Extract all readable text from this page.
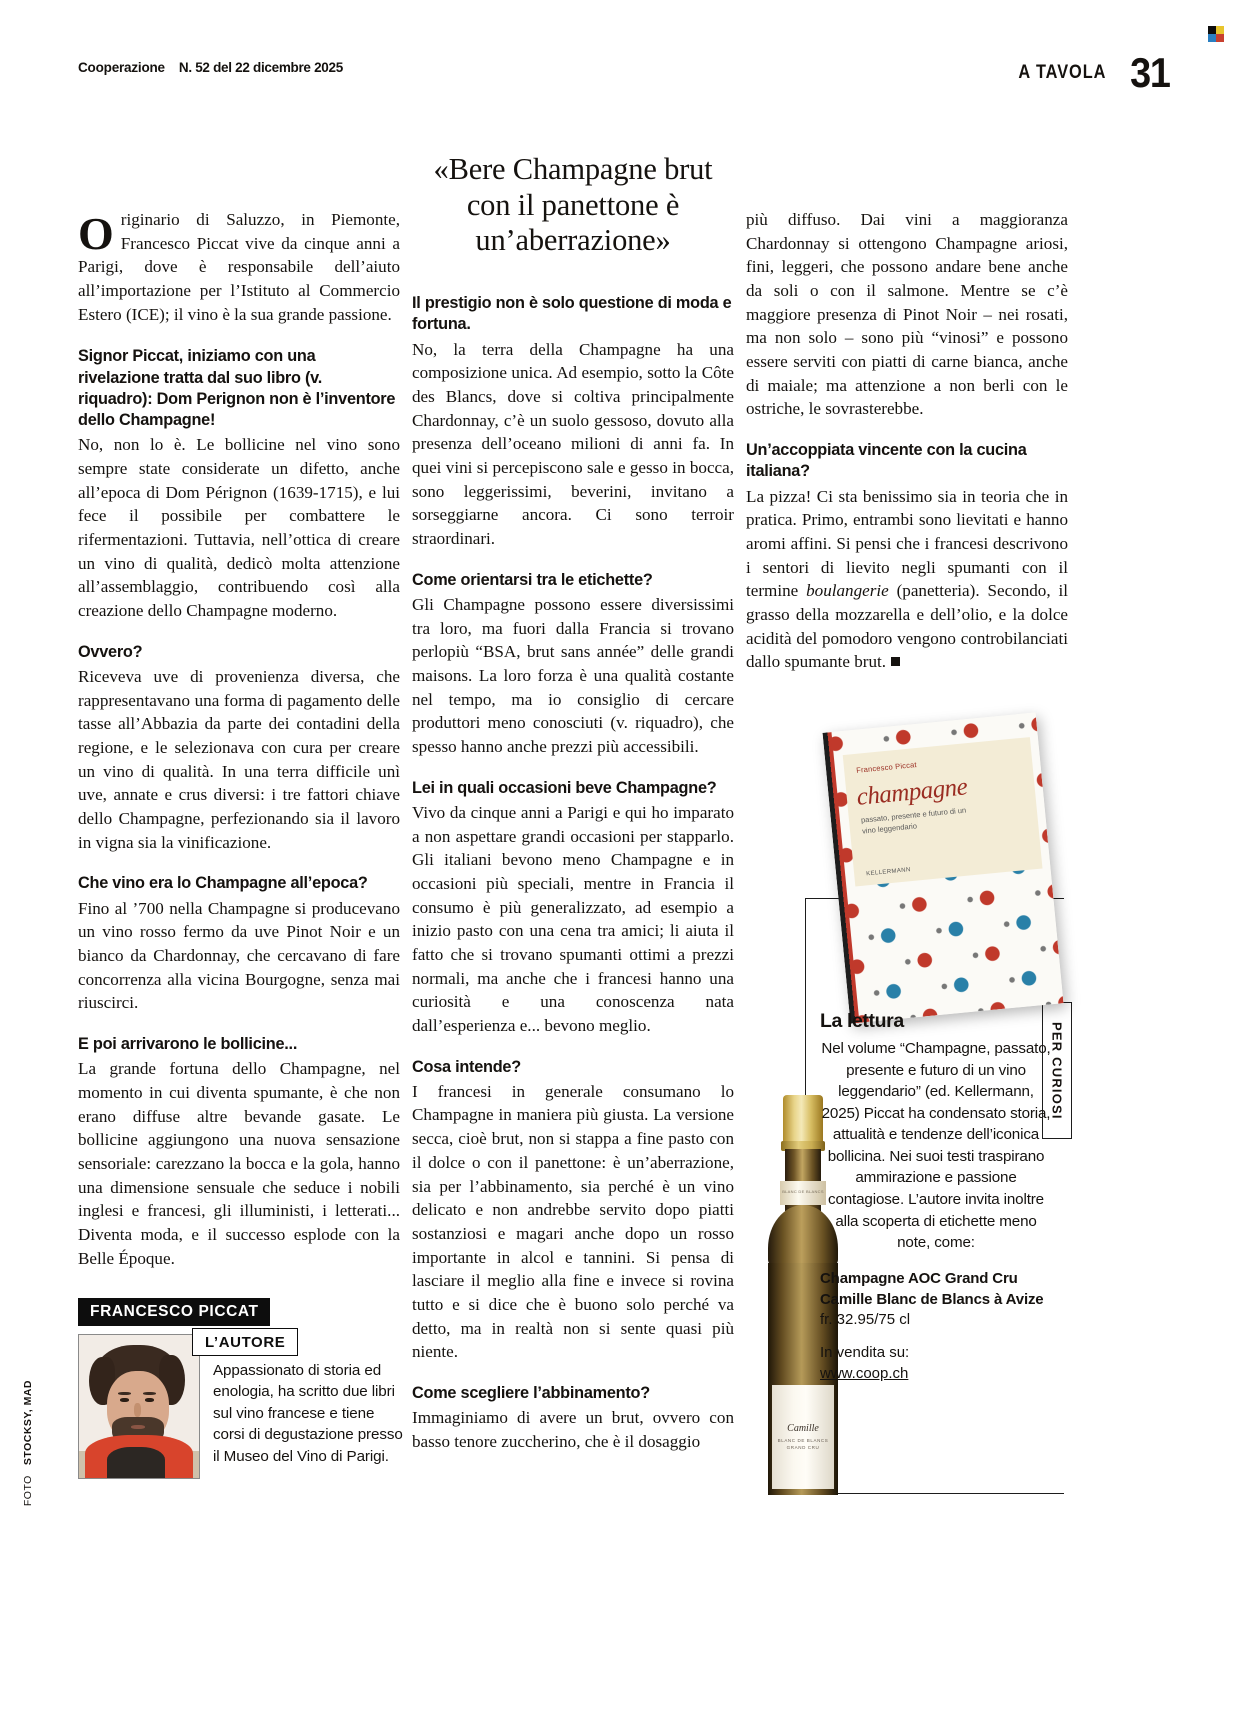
Cooperazione N. 52 del 22 dicembre 2025	A TAVOLA 31

Originario di Saluzzo, in Piemonte, Francesco Piccat vive da cinque anni a Parigi, dove è responsabile dell’aiuto all’importazione per l’Istituto al Commercio Estero (ICE); il vino è la sua grande passione.

Signor Piccat, iniziamo con una rivelazione tratta dal suo libro (v. riquadro): Dom Perignon non è l’inventore dello Champagne!

No, non lo è. Le bollicine nel vino sono sempre state considerate un difetto, anche all’epoca di Dom Pérignon (1639-1715), e lui fece il possibile per combattere le rifermentazioni. Tuttavia, nell’ottica di creare un vino di qualità, dedicò molta attenzione all’assemblaggio, contribuendo così alla creazione dello Champagne moderno.

Ovvero?

Riceveva uve di provenienza diversa, che rappresentavano una forma di pagamento delle tasse all’Abbazia da parte dei contadini della regione, e le selezionava con cura per creare un vino di qualità. In una terra difficile unì uve, annate e crus diversi: i tre fattori chiave dello Champagne, perfezionando sia il lavoro in vigna sia la vinificazione.

Che vino era lo Champagne all’epoca?

Fino al ’700 nella Champagne si producevano un vino rosso fermo da uve Pinot Noir e un bianco da Chardonnay, che cercavano di fare concorrenza alla vicina Bourgogne, senza mai riuscirci.

E poi arrivarono le bollicine...

La grande fortuna dello Champagne, nel momento in cui diventa spumante, è che non erano diffuse altre bevande gasate. Le bollicine aggiungono una nuova sensazione sensoriale: carezzano la bocca e la gola, hanno una dimensione sensuale che seduce i nobili inglesi e francesi, gli illuministi, i letterati... Diventa moda, e il successo esplode con la Belle Époque.

«Bere Champagne brut con il panettone è un’aberrazione»

Il prestigio non è solo questione di moda e fortuna.

No, la terra della Champagne ha una composizione unica. Ad esempio, sotto la Côte des Blancs, dove si coltiva principalmente Chardonnay, c’è un suolo gessoso, dovuto alla presenza dell’oceano milioni di anni fa. In quei vini si percepiscono sale e gesso in bocca, sono leggerissimi, beverini, invitano a sorseggiarne ancora. Ci sono terroir straordinari.

Come orientarsi tra le etichette?

Gli Champagne possono essere diversissimi tra loro, ma fuori dalla Francia si trovano perlopiù “BSA, brut sans année” delle grandi maisons. La loro forza è una qualità costante nel tempo, ma io consiglio di cercare produttori meno conosciuti (v. riquadro), che spesso hanno anche prezzi più accessibili.

Lei in quali occasioni beve Champagne?

Vivo da cinque anni a Parigi e qui ho imparato a non aspettare grandi occasioni per stapparlo. Gli italiani bevono meno Champagne e in occasioni più speciali, mentre in Francia il consumo è più generalizzato, ad esempio a inizio pasto con una cena tra amici; li aiuta il fatto che si trovano spumanti ottimi a prezzi normali, ma anche che i francesi hanno una curiosità e una conoscenza nata dall’esperienza e... bevono meglio.

Cosa intende?

I francesi in generale consumano lo Champagne in maniera più giusta. La versione secca, cioè brut, non si stappa a fine pasto con il dolce o con il panettone: è un’aberrazione, sia per l’abbinamento, sia perché è un vino delicato e non andrebbe servito dopo piatti sostanziosi e magari anche dopo un rosso importante in alcol e tannini. Si pensa di lasciare il meglio alla fine e invece si rovina tutto e si dice che è buono solo perché va detto, ma in realtà non si sente quasi più niente.

Come scegliere l’abbinamento?

Immaginiamo di avere un brut, ovvero con basso tenore zuccherino, che è il dosaggio

più diffuso. Dai vini a maggioranza Chardonnay si ottengono Champagne ariosi, fini, leggeri, che possono andare bene anche da soli o con il salmone. Mentre se c’è maggiore presenza di Pinot Noir – nei rosati, ma non solo – sono più “vinosi” e possono essere serviti con piatti di carne bianca, anche di maiale; ma attenzione a non berli con le ostriche, le sovrasterebbe.

Un’accoppiata vincente con la cucina italiana?

La pizza! Ci sta benissimo sia in teoria che in pratica. Primo, entrambi sono lievitati e hanno aromi affini. Si pensi che i francesi descrivono i sentori di lievito negli spumanti con il termine boulangerie (panetteria). Secondo, il grasso della mozzarella e dell’olio, e la dolce acidità del pomodoro vengono controbilanciati dallo spumante brut.

FRANCESCO PICCAT
L’AUTORE
Appassionato di storia ed enologia, ha scritto due libri sul vino francese e tiene corsi di degustazione presso il Museo del Vino di Parigi.
FOTO
STOCKSY, MAD
PER CURIOSI
Francesco Piccat
champagne
passato, presente e futuro di un vino leggendario
KELLERMANN
BLANC DE BLANCS
Camille
BLANC DE BLANCS GRAND CRU
La lettura

Nel volume “Champagne, passato, presente e futuro di un vino leggendario” (ed. Kellermann, 2025) Piccat ha condensato storia, attualità e tendenze dell’iconica bollicina. Nei suoi testi traspirano ammirazione e passione contagiose. L’autore invita inoltre alla scoperta di etichette meno note, come:

Champagne AOC Grand Cru Camille Blanc de Blancs à Avize
fr. 32.95/75 cl
In vendita su:
www.coop.ch
